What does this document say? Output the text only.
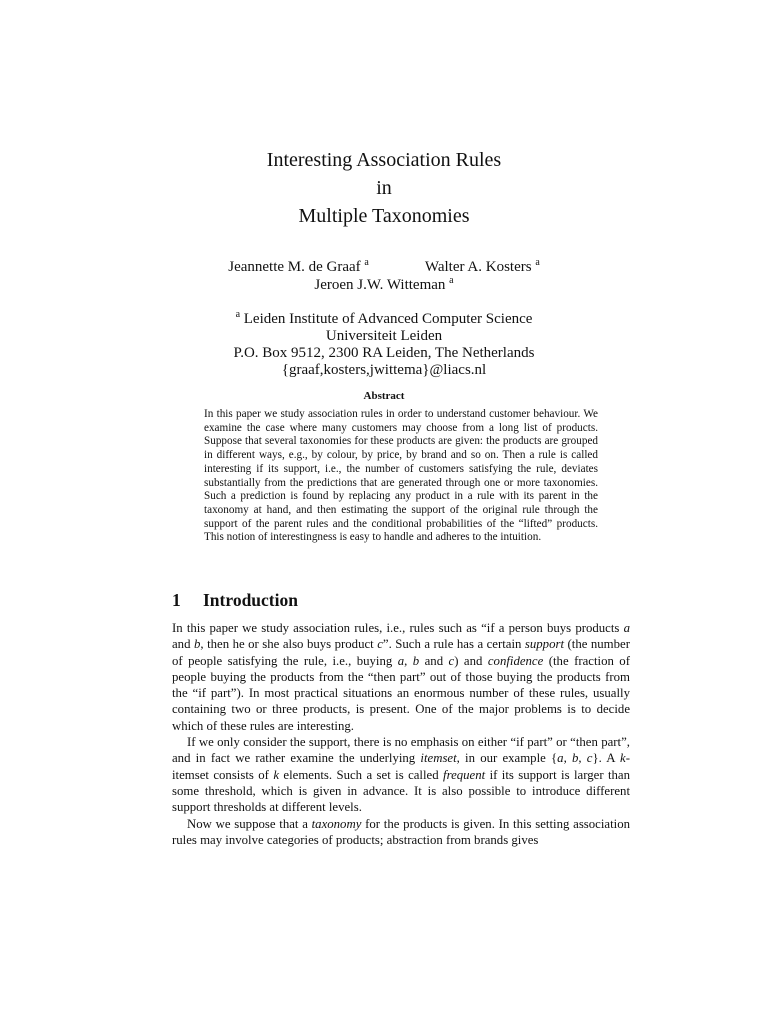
Interesting Association Rules
in
Multiple Taxonomies
Jeannette M. de Graaf $^a$	Walter A. Kosters $^a$
Jeroen J.W. Witteman $^a$
$^a$ Leiden Institute of Advanced Computer Science
Universiteit Leiden
P.O. Box 9512, 2300 RA Leiden, The Netherlands
{graaf,kosters,jwittema}@liacs.nl
Abstract
In this paper we study association rules in order to understand customer behaviour. We examine the case where many customers may choose from a long list of products. Suppose that several taxonomies for these products are given: the products are grouped in different ways, e.g., by colour, by price, by brand and so on. Then a rule is called interesting if its support, i.e., the number of customers satisfying the rule, deviates substantially from the predictions that are generated through one or more taxonomies. Such a prediction is found by replacing any product in a rule with its parent in the taxonomy at hand, and then estimating the support of the original rule through the support of the parent rules and the conditional probabilities of the “lifted” products. This notion of interestingness is easy to handle and adheres to the intuition.
1 Introduction

In this paper we study association rules, i.e., rules such as “if a person buys products a and b, then he or she also buys product c”. Such a rule has a certain support (the number of people satisfying the rule, i.e., buying a, b and c) and confidence (the fraction of people buying the products from the “then part” out of those buying the products from the “if part”). In most practical situations an enormous number of these rules, usually containing two or three products, is present. One of the major problems is to decide which of these rules are interesting.

If we only consider the support, there is no emphasis on either “if part” or “then part”, and in fact we rather examine the underlying itemset, in our example {a, b, c}. A k-itemset consists of k elements. Such a set is called frequent if its support is larger than some threshold, which is given in advance. It is also possible to introduce different support thresholds at different levels.

Now we suppose that a taxonomy for the products is given. In this setting association rules may involve categories of products; abstraction from brands gives
